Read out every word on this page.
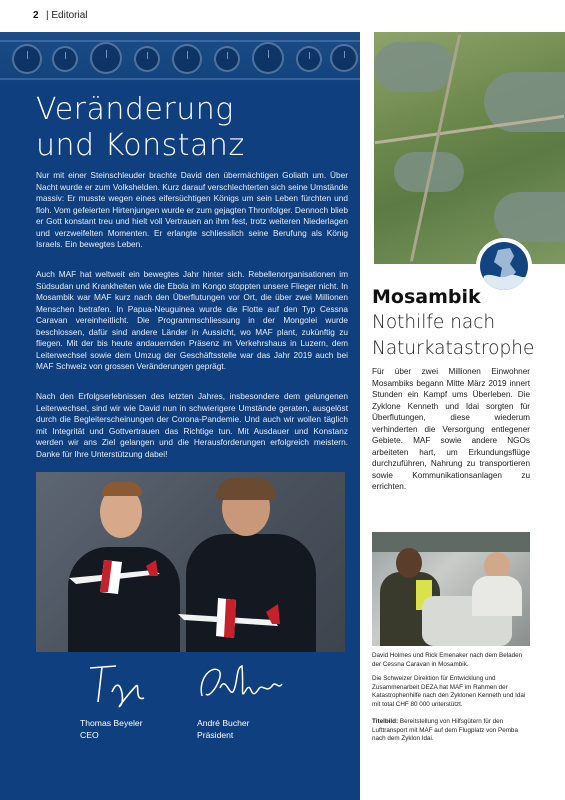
2 | Editorial
Veränderung
und Konstanz

Nur mit einer Steinschleuder brachte David den übermächtigen Goliath um. Über Nacht wurde er zum Volkshelden. Kurz darauf verschlechterten sich seine Umstände massiv: Er musste wegen eines eifersüchtigen Königs um sein Leben fürchten und floh. Vom gefeierten Hirtenjungen wurde er zum gejagten Thronfolger. Dennoch blieb er Gott konstant treu und hielt voll Vertrauen an ihm fest, trotz weiteren Niederlagen und verzweifelten Momenten. Er erlangte schliesslich seine Berufung als König Israels. Ein bewegtes Leben.

Auch MAF hat weltweit ein bewegtes Jahr hinter sich. Rebellenorganisationen im Südsudan und Krankheiten wie die Ebola im Kongo stoppten unsere Flieger nicht. In Mosambik war MAF kurz nach den Überflutungen vor Ort, die über zwei Millionen Menschen betrafen. In Papua-Neuguinea wurde die Flotte auf den Typ Cessna Caravan vereinheitlicht. Die Programmschliessung in der Mongolei wurde beschlossen, dafür sind andere Länder in Aussicht, wo MAF plant, zukünftig zu fliegen. Mit der bis heute andauernden Präsenz im Verkehrshaus in Luzern, dem Leiterwechsel sowie dem Umzug der Geschäftsstelle war das Jahr 2019 auch bei MAF Schweiz von grossen Veränderungen geprägt.

Nach den Erfolgserlebnissen des letzten Jahres, insbesondere dem gelungenen Leiterwechsel, sind wir wie David nun in schwierigere Umstände geraten, ausgelöst durch die Begleiterscheinungen der Corona-Pandemie. Und auch wir wollen täglich mit Integrität und Gottvertrauen das Richtige tun. Mit Ausdauer und Konstanz werden wir ans Ziel gelangen und die Herausforderungen erfolgreich meistern. Danke für Ihre Unterstützung dabei!

Thomas Beyeler
CEO
André Bucher
Präsident
Mosambik
Nothilfe nach
Naturkatastrophe

Für über zwei Millionen Einwohner Mosambiks begann Mitte März 2019 innert Stunden ein Kampf ums Überleben. Die Zyklone Kenneth und Idai sorgten für Überflutungen, diese wiederum verhinderten die Versorgung entlegener Gebiete. MAF sowie andere NGOs arbeiteten hart, um Erkundungsflüge durchzuführen, Nahrung zu transportieren sowie Kommunikationsanlagen zu errichten.

David Holmes und Rick Emenaker nach dem Beladen der Cessna Caravan in Mosambik.

Die Schweizer Direktion für Entwicklung und Zusammenarbeit DEZA hat MAF im Rahmen der Katastrophenhilfe nach den Zyklonen Kenneth und Idai mit total CHF 80 000 unterstützt.

Titelbild: Bereitstellung von Hilfsgütern für den Lufttransport mit MAF auf dem Flugplatz von Pemba nach dem Zyklon Idai.
